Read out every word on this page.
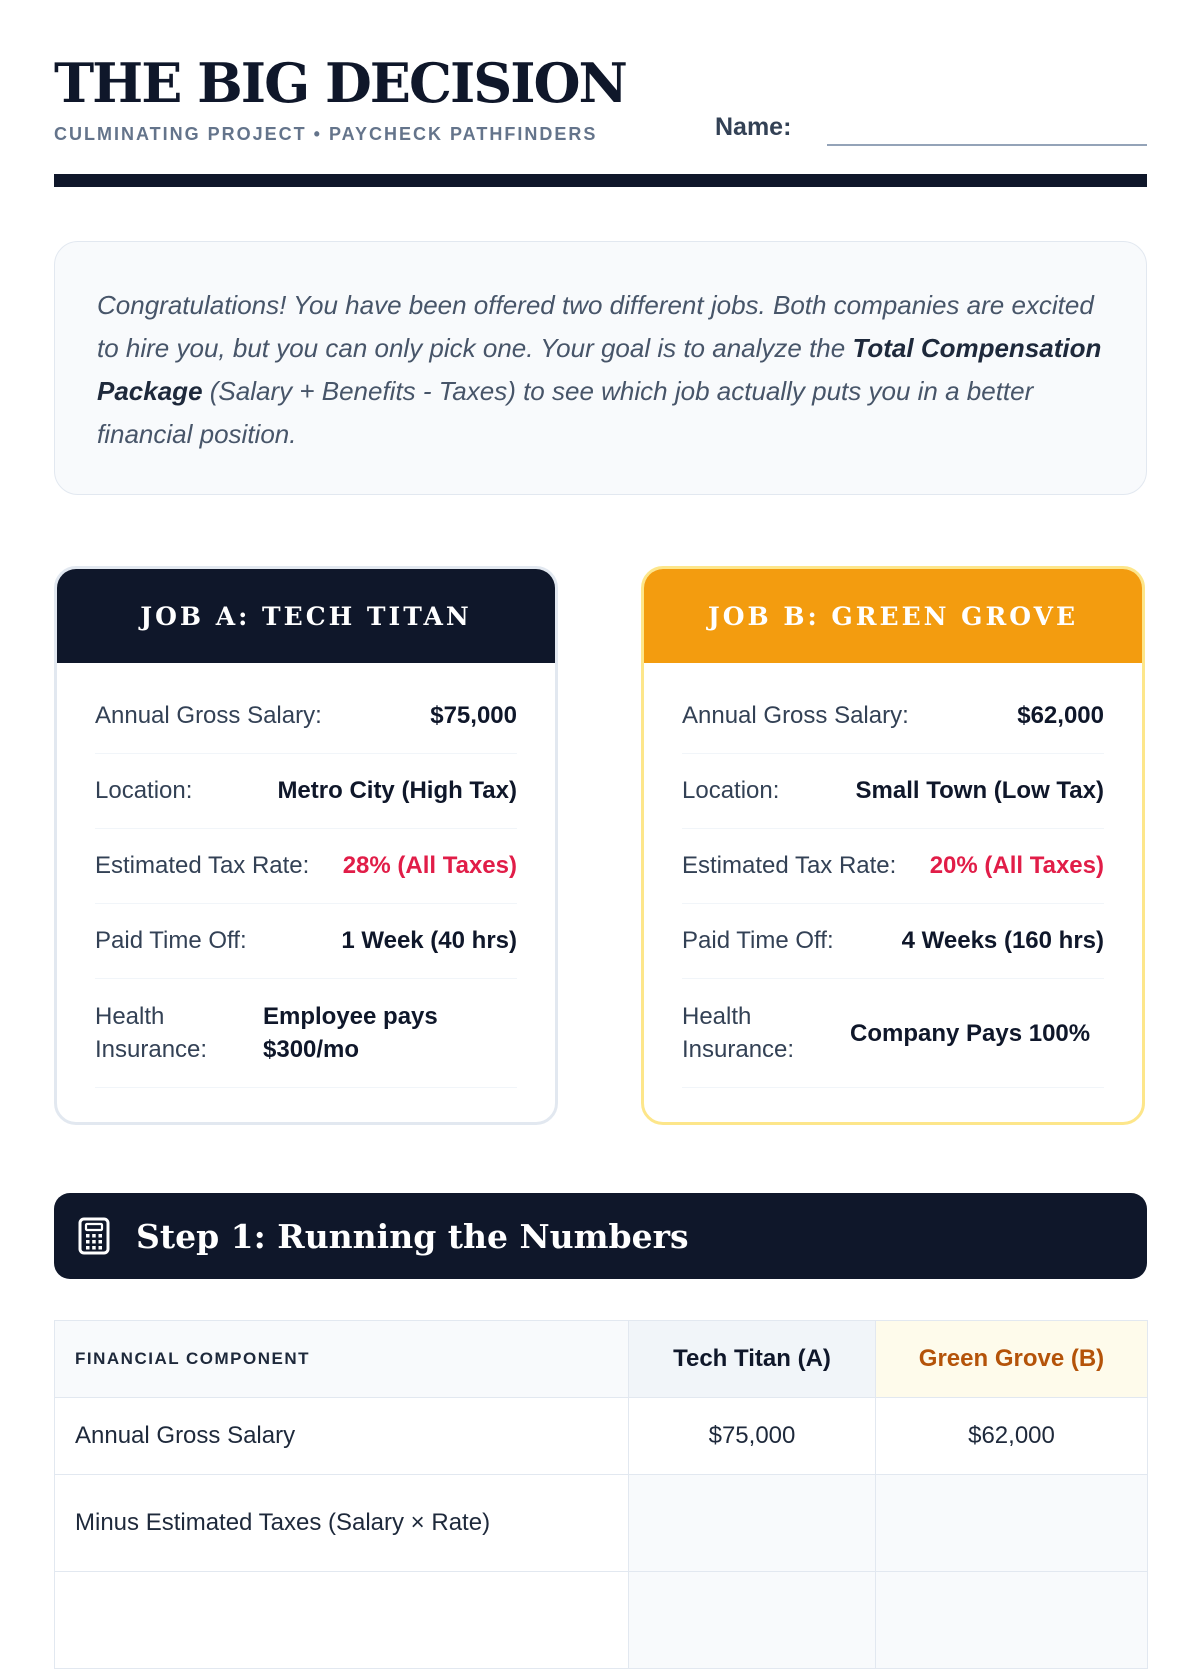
THE BIG DECISION
CULMINATING PROJECT • PAYCHECK PATHFINDERS	Name:
Congratulations! You have been offered two different jobs. Both companies are excited to hire you, but you can only pick one. Your goal is to analyze the Total Compensation Package (Salary + Benefits - Taxes) to see which job actually puts you in a better financial position.
JOB A: TECH TITAN
Annual Gross Salary:	$75,000
Location:	Metro City (High Tax)
Estimated Tax Rate: 28% (All Taxes)
Paid Time Off:	1 Week (40 hrs)
Health Insurance:
Employee pays $300/mo
JOB B: GREEN GROVE
Annual Gross Salary:	$62,000
Location:	Small Town (Low Tax)
Estimated Tax Rate: 20% (All Taxes)
Paid Time Off:	4 Weeks (160 hrs)
Health Insurance:
Company Pays 100%
Step 1: Running the Numbers
FINANCIAL COMPONENT	Tech Titan (A)	Green Grove (B)
Annual Gross Salary	$75,000	$62,000
Minus Estimated Taxes (Salary × Rate)		
